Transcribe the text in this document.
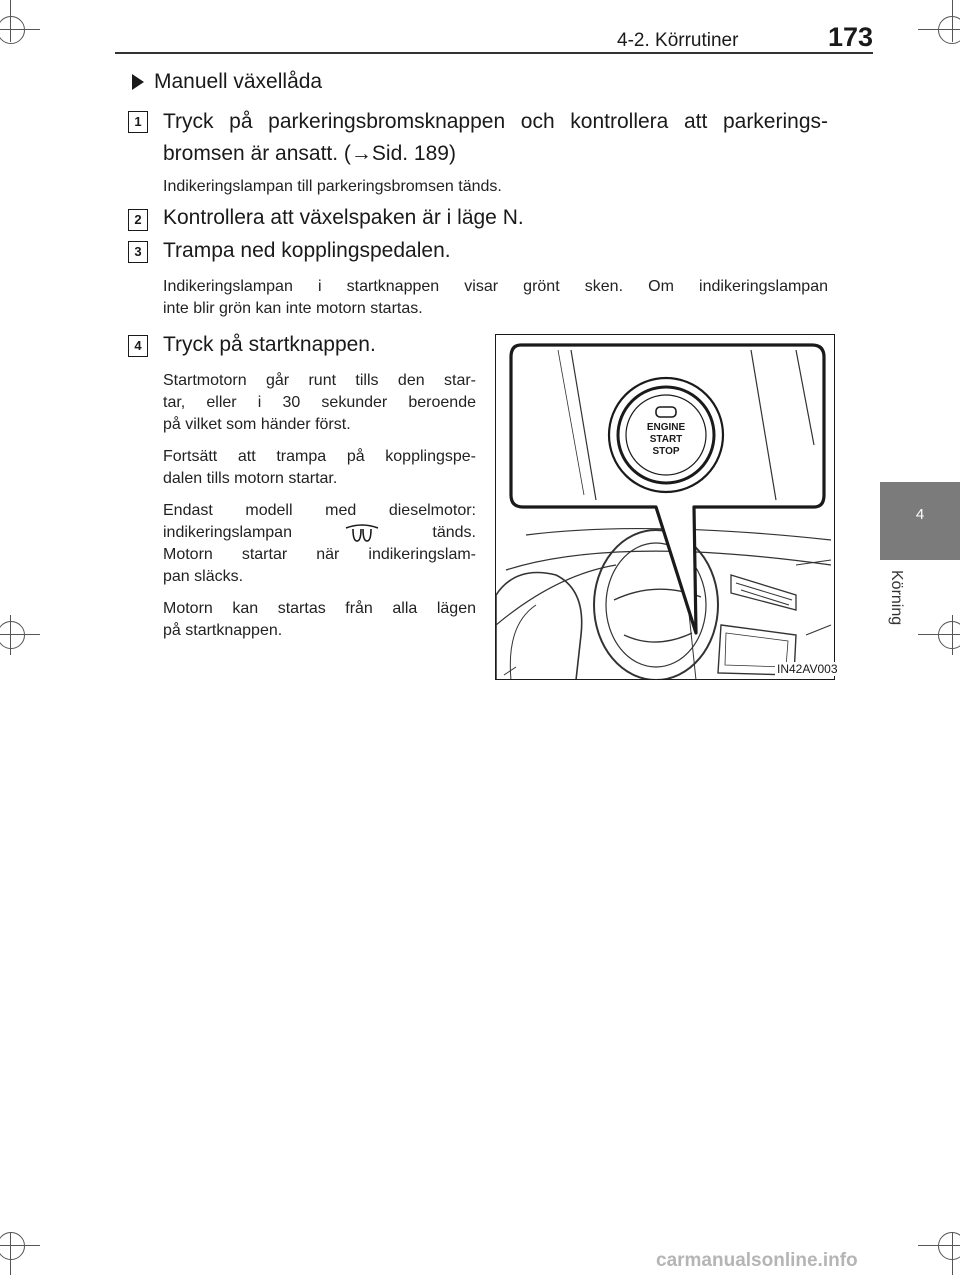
4-2. Körrutiner	173
4
Körning
Manuell växellåda
1	Tryck på parkeringsbromsknappen och kontrollera att parkerings-
bromsen är ansatt. (→Sid. 189)
Indikeringslampan till parkeringsbromsen tänds.
2	Kontrollera att växelspaken är i läge N.
3	Trampa ned kopplingspedalen.
Indikeringslampan i startknappen visar grönt sken. Om indikeringslampan
inte blir grön kan inte motorn startas.
4	Tryck på startknappen.
Startmotorn går runt tills den star-
tar, eller i 30 sekunder beroende
på vilket som händer först.
Fortsätt att trampa på kopplingspe-
dalen tills motorn startar.
Endast modell med dieselmotor:
indikeringslampan	tänds.
Motorn startar när indikeringslam-
pan släcks.
Motorn kan startas från alla lägen
på startknappen.
ENGINE
START
STOP
IN42AV003
carmanualsonline.info
